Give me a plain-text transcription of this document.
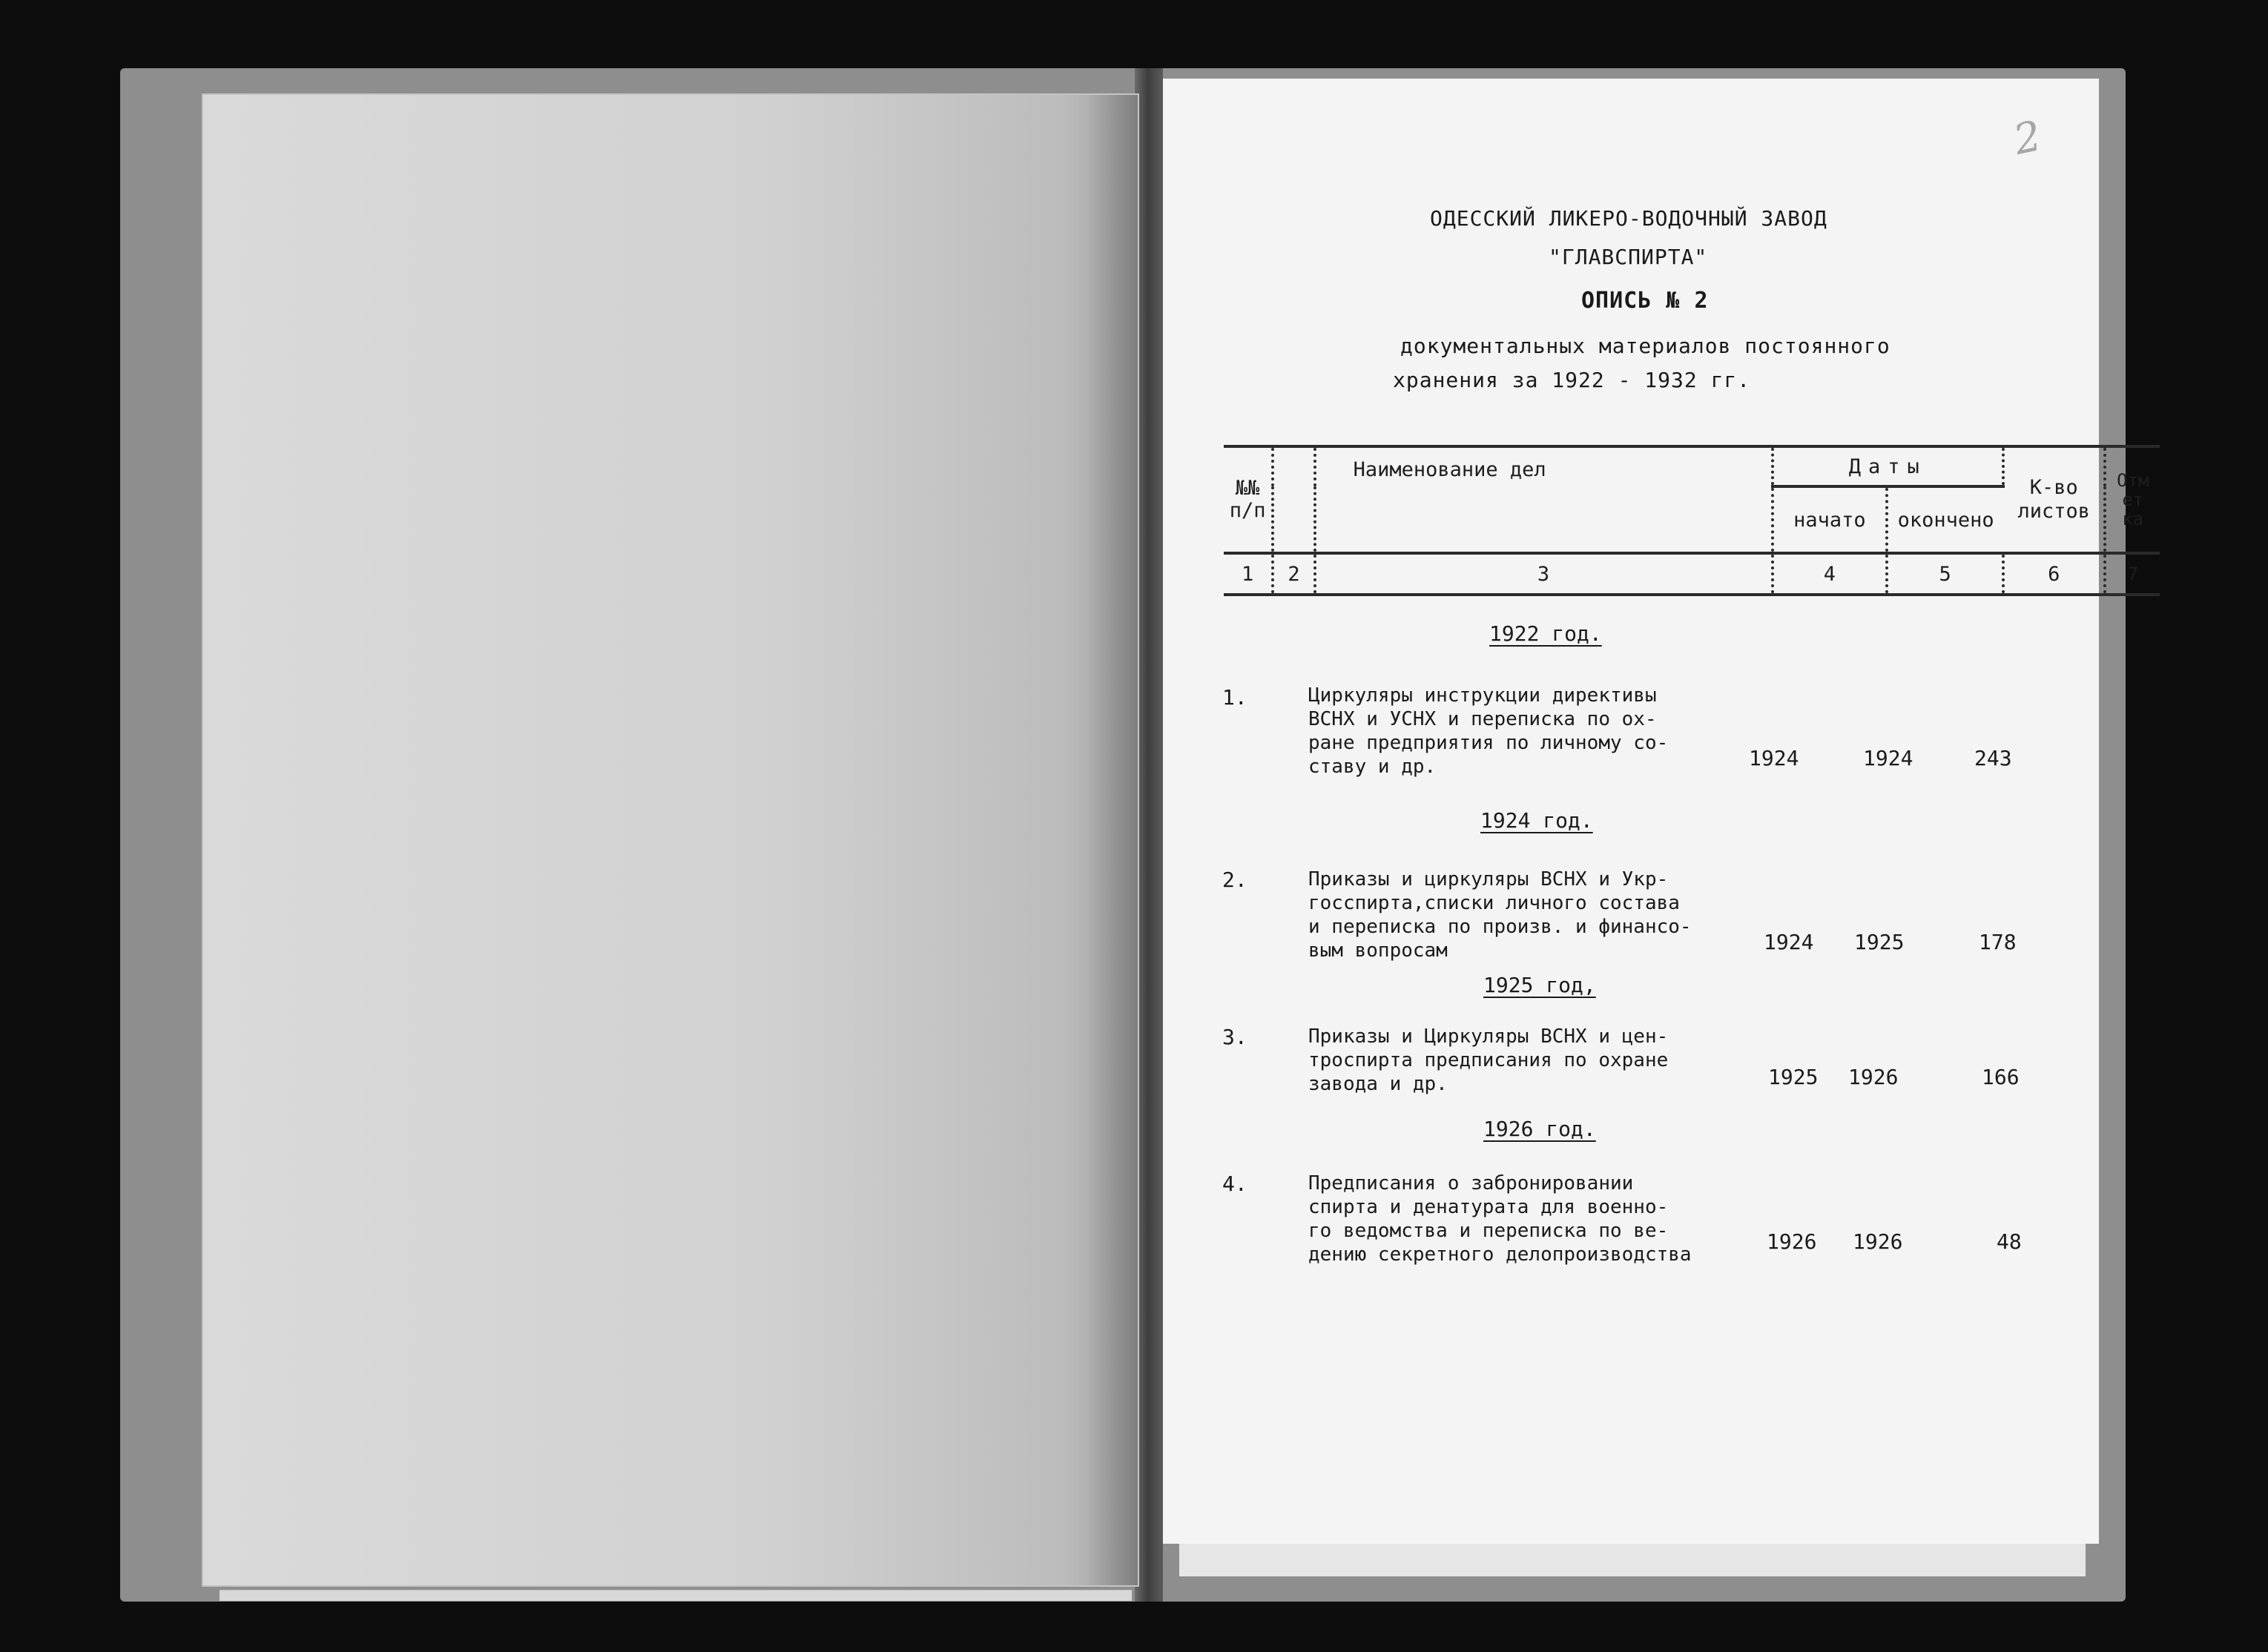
2
ОДЕССКИЙ ЛИКЕРО-ВОДОЧНЫЙ ЗАВОД
"ГЛАВСПИРТА"
ОПИСЬ № 2
документальных материалов постоянного
хранения за 1922 - 1932 гг.
№№ п/п		Наименование дел	Даты		К-во листов	Отмет ка
			начато	окончено		
1	2	3	4	5	6	7
1922 год.
1.	Циркуляры инструкции директивы
ВСНХ и УСНХ и переписка по ох-
ране предприятия по личному со-
ставу и др.	1924	1924	243
1924 год.
2.	Приказы и циркуляры ВСНХ и Укр-
госспирта,списки личного состава
и переписка по произв. и финансо-
вым вопросам	1924 1925	178
1925 год,
3.	Приказы и Циркуляры ВСНХ и цен-
троспирта предписания по охране
завода и др.	1925 1926	166
1926 год.
4.	Предписания о забронировании
спирта и денатурата для военно-
го ведомства и переписка по ве-
дению секретного делопроизводства
1926 1926	48
